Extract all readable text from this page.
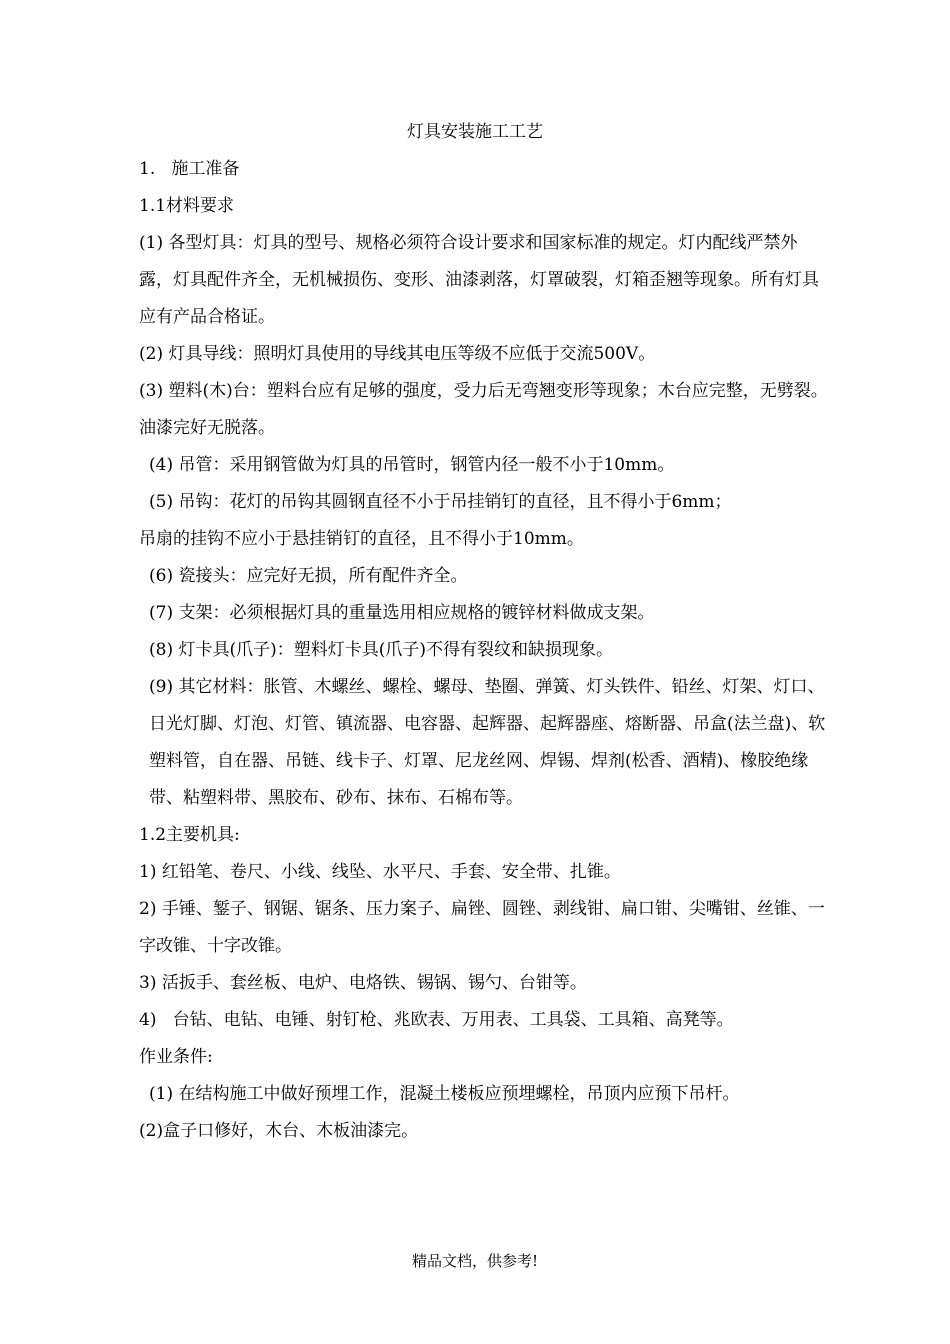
灯具安装施工工艺

1.   施工准备

1.1材料要求

(1) 各型灯具：灯具的型号、规格必须符合设计要求和国家标准的规定。灯内配线严禁外露，灯具配件齐全，无机械损伤、变形、油漆剥落，灯罩破裂，灯箱歪翘等现象。所有灯具应有产品合格证。

(2) 灯具导线：照明灯具使用的导线其电压等级不应低于交流500V。

(3) 塑料(木)台：塑料台应有足够的强度，受力后无弯翘变形等现象；木台应完整，无劈裂。油漆完好无脱落。

(4) 吊管：采用钢管做为灯具的吊管时，钢管内径一般不小于10mm。

(5) 吊钩：花灯的吊钩其圆钢直径不小于吊挂销钉的直径，且不得小于6mm；

吊扇的挂钩不应小于悬挂销钉的直径，且不得小于10mm。

(6) 瓷接头：应完好无损，所有配件齐全。

(7) 支架：必须根据灯具的重量选用相应规格的镀锌材料做成支架。

(8) 灯卡具(爪子)：塑料灯卡具(爪子)不得有裂纹和缺损现象。

(9) 其它材料：胀管、木螺丝、螺栓、螺母、垫圈、弹簧、灯头铁件、铅丝、灯架、灯口、日光灯脚、灯泡、灯管、镇流器、电容器、起辉器、起辉器座、熔断器、吊盒(法兰盘)、软塑料管，自在器、吊链、线卡子、灯罩、尼龙丝网、焊锡、焊剂(松香、酒精)、橡胶绝缘带、粘塑料带、黑胶布、砂布、抹布、石棉布等。

1.2主要机具:

1) 红铅笔、卷尺、小线、线坠、水平尺、手套、安全带、扎锥。

2) 手锤、錾子、钢锯、锯条、压力案子、扁锉、圆锉、剥线钳、扁口钳、尖嘴钳、丝锥、一字改锥、十字改锥。

3) 活扳手、套丝板、电炉、电烙铁、锡锅、锡勺、台钳等。

4)   台钻、电钻、电锤、射钉枪、兆欧表、万用表、工具袋、工具箱、高凳等。

作业条件:

(1) 在结构施工中做好预埋工作，混凝土楼板应预埋螺栓，吊顶内应预下吊杆。

(2)盒子口修好，木台、木板油漆完。

精品文档，供参考!
